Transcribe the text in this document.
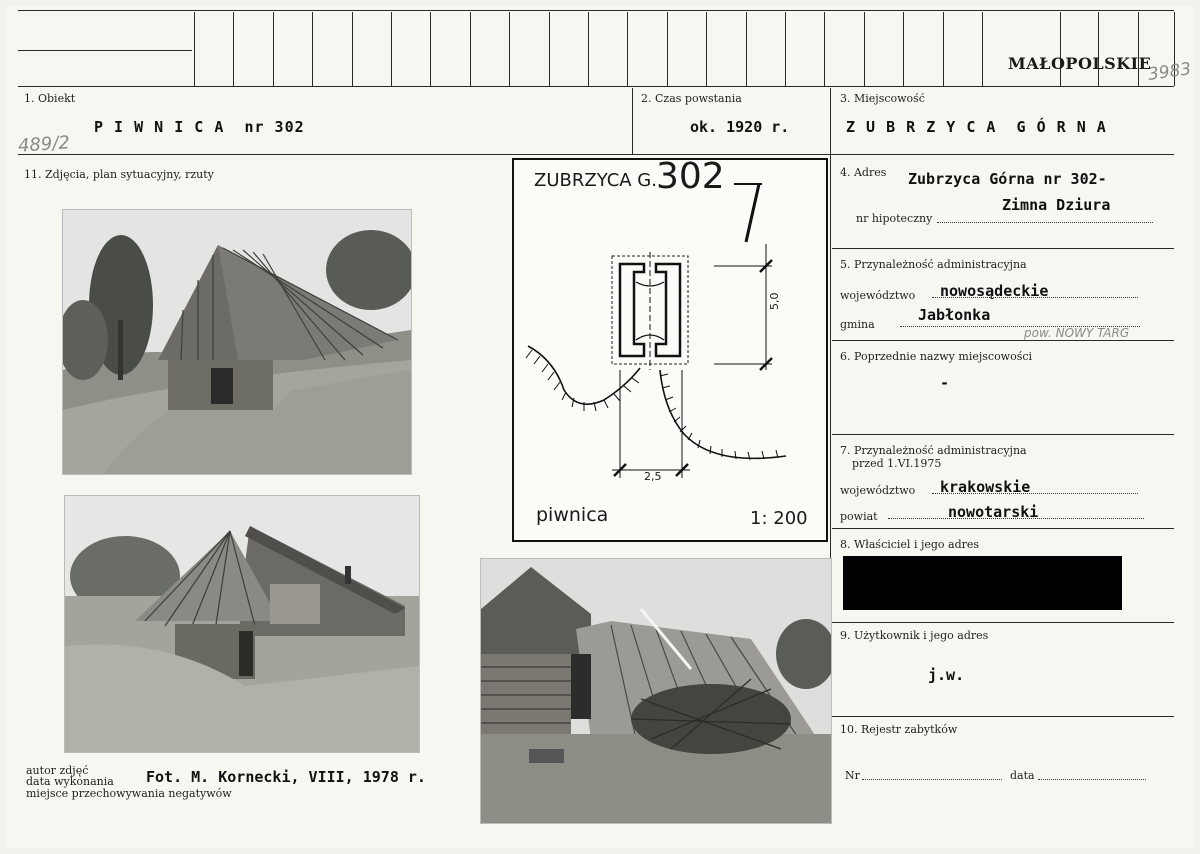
MAŁOPOLSKIE
3983
1. Obiekt
P I W N I C A  nr 302
489/2
2. Czas powstania
ok. 1920 r.
3. Miejscowość
Z U B R Z Y C A  G Ó R N A
11. Zdjęcia, plan sytuacyjny, rzuty	4. Adres Zubrzyca Górna nr 302-
Zimna Dziura
nr hipoteczny
5. Przynależność administracyjna
województwo nowosądeckie
gmina
Jabłonka
pow. NOWY TARG
6. Poprzednie nazwy miejscowości
-
7. Przynależność administracyjna
przed 1.VI.1975
województwo krakowskie
powiat	nowotarski
8. Właściciel i jego adres
9. Użytkownik i jego adres
j.w.
10. Rejestr zabytków
Nr	data
ZUBRZYCA G. 302
piwnica	1: 200
5,0
2,5
autor zdjęć
data wykonania
miejsce przechowywania negatywów
Fot. M. Kornecki, VIII, 1978 r.
